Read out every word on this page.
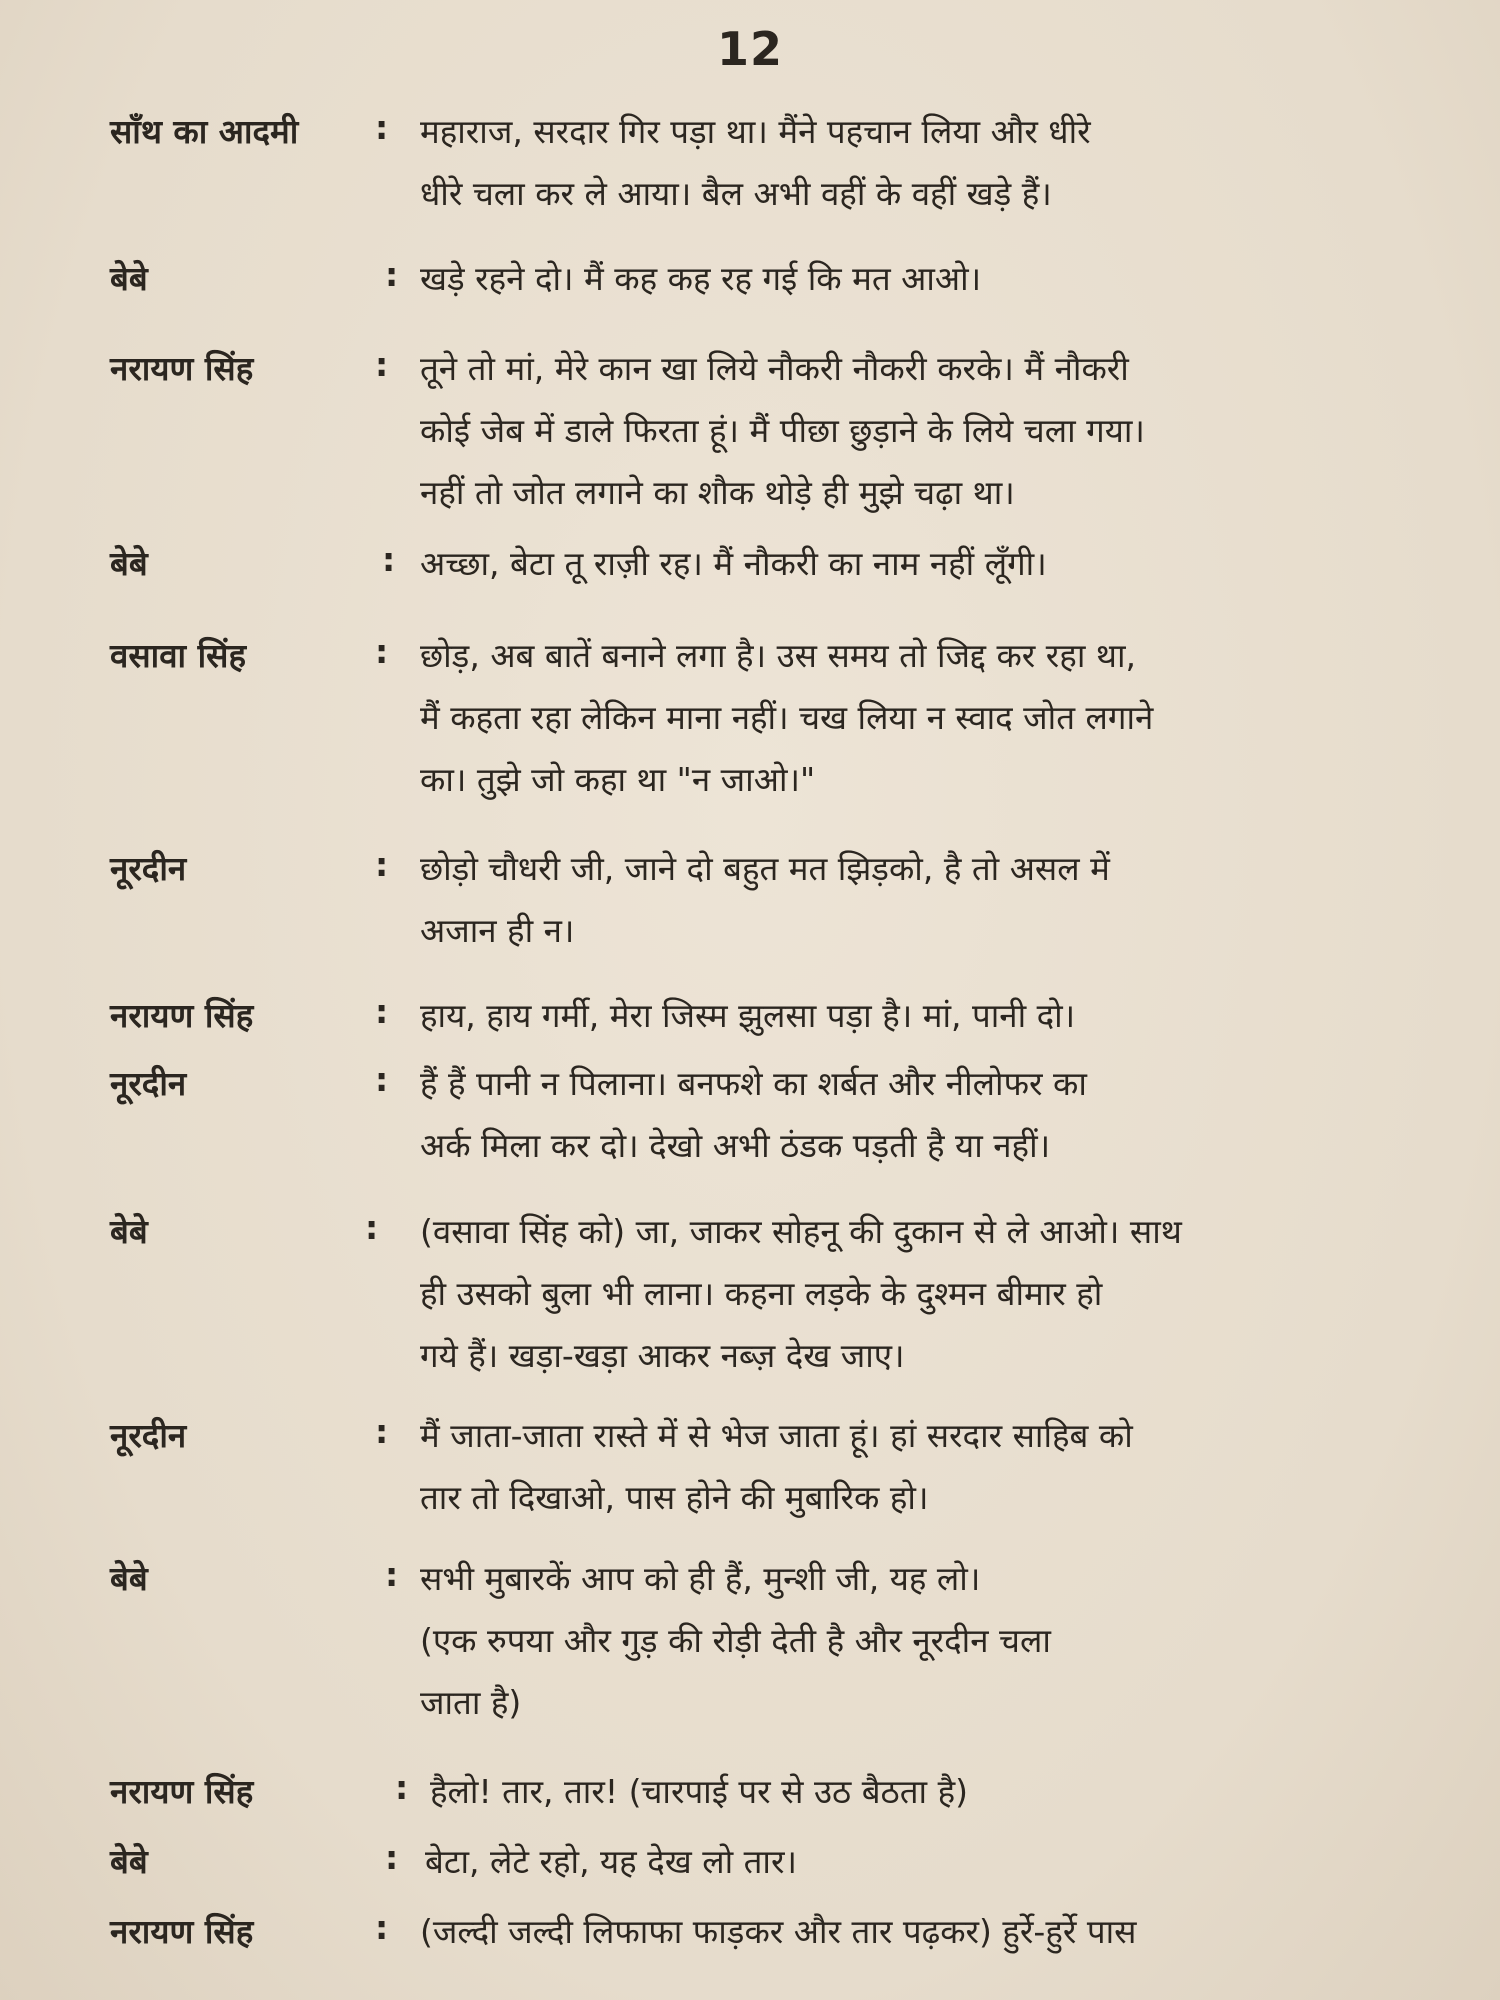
12
साँथ का आदमी	: महाराज, सरदार गिर पड़ा था। मैंने पहचान लिया और धीरे
धीरे चला कर ले आया। बैल अभी वहीं के वहीं खड़े हैं।
बेबे	: खड़े रहने दो। मैं कह कह रह गई कि मत आओ।
नरायण सिंह	: तूने तो मां, मेरे कान खा लिये नौकरी नौकरी करके। मैं नौकरी
कोई जेब में डाले फिरता हूं। मैं पीछा छुड़ाने के लिये चला गया।
नहीं तो जोत लगाने का शौक थोड़े ही मुझे चढ़ा था।
बेबे	: अच्छा, बेटा तू राज़ी रह। मैं नौकरी का नाम नहीं लूँगी।
वसावा सिंह	: छोड़, अब बातें बनाने लगा है। उस समय तो जिद्द कर रहा था,
मैं कहता रहा लेकिन माना नहीं। चख लिया न स्वाद जोत लगाने
का। तुझे जो कहा था "न जाओ।"
नूरदीन	: छोड़ो चौधरी जी, जाने दो बहुत मत झिड़को, है तो असल में
अजान ही न।
नरायण सिंह	: हाय, हाय गर्मी, मेरा जिस्म झुलसा पड़ा है। मां, पानी दो।
नूरदीन	: हैं हैं पानी न पिलाना। बनफशे का शर्बत और नीलोफर का
अर्क मिला कर दो। देखो अभी ठंडक पड़ती है या नहीं।
बेबे	: (वसावा सिंह को) जा, जाकर सोहनू की दुकान से ले आओ। साथ
ही उसको बुला भी लाना। कहना लड़के के दुश्मन बीमार हो
गये हैं। खड़ा-खड़ा आकर नब्ज़ देख जाए।
नूरदीन	: मैं जाता-जाता रास्ते में से भेज जाता हूं। हां सरदार साहिब को
तार तो दिखाओ, पास होने की मुबारिक हो।
बेबे	: सभी मुबारकें आप को ही हैं, मुन्शी जी, यह लो।
(एक रुपया और गुड़ की रोड़ी देती है और नूरदीन चला
जाता है)
नरायण सिंह	: हैलो! तार, तार! (चारपाई पर से उठ बैठता है)
बेबे	: बेटा, लेटे रहो, यह देख लो तार।
नरायण सिंह	: (जल्दी जल्दी लिफाफा फाड़कर और तार पढ़कर) हुर्रे-हुर्रे पास
